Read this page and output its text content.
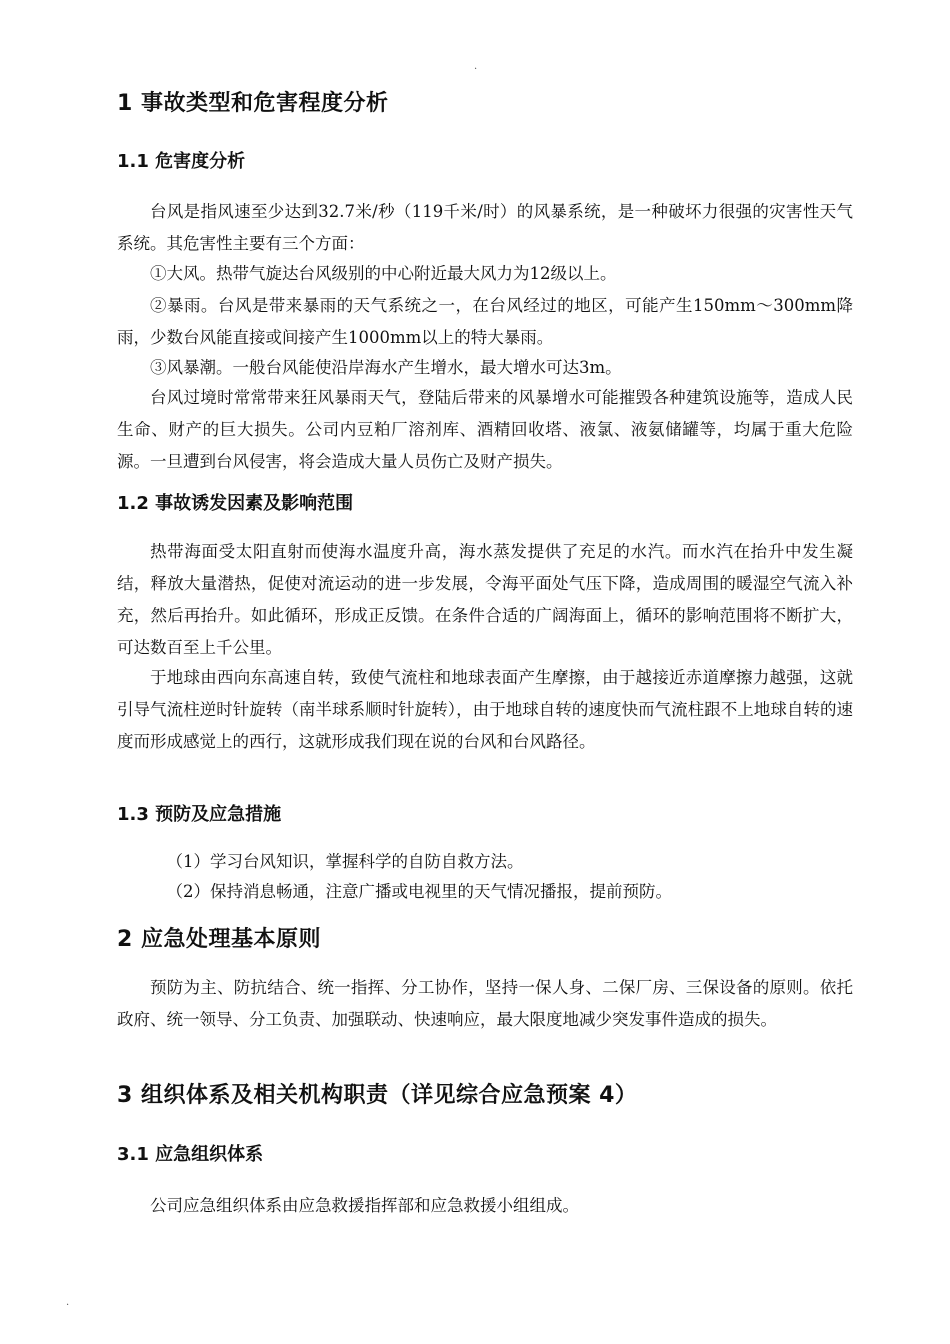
.
1 事故类型和危害程度分析
1.1 危害度分析

台风是指风速至少达到32.7米/秒（119千米/时）的风暴系统，是一种破坏力很强的灾害性天气系统。其危害性主要有三个方面：

①大风。热带气旋达台风级别的中心附近最大风力为12级以上。

②暴雨。台风是带来暴雨的天气系统之一，在台风经过的地区，可能产生150mm～300mm降雨，少数台风能直接或间接产生1000mm以上的特大暴雨。

③风暴潮。一般台风能使沿岸海水产生增水，最大增水可达3m。

台风过境时常常带来狂风暴雨天气，登陆后带来的风暴增水可能摧毁各种建筑设施等，造成人民生命、财产的巨大损失。公司内豆粕厂溶剂库、酒精回收塔、液氯、液氨储罐等，均属于重大危险源。一旦遭到台风侵害，将会造成大量人员伤亡及财产损失。

1.2 事故诱发因素及影响范围

热带海面受太阳直射而使海水温度升高，海水蒸发提供了充足的水汽。而水汽在抬升中发生凝结，释放大量潜热，促使对流运动的进一步发展，令海平面处气压下降，造成周围的暖湿空气流入补充，然后再抬升。如此循环，形成正反馈。在条件合适的广阔海面上，循环的影响范围将不断扩大，可达数百至上千公里。

于地球由西向东高速自转，致使气流柱和地球表面产生摩擦，由于越接近赤道摩擦力越强，这就引导气流柱逆时针旋转（南半球系顺时针旋转），由于地球自转的速度快而气流柱跟不上地球自转的速度而形成感觉上的西行，这就形成我们现在说的台风和台风路径。

1.3 预防及应急措施

（1）学习台风知识，掌握科学的自防自救方法。

（2）保持消息畅通，注意广播或电视里的天气情况播报，提前预防。

2 应急处理基本原则

预防为主、防抗结合、统一指挥、分工协作，坚持一保人身、二保厂房、三保设备的原则。依托政府、统一领导、分工负责、加强联动、快速响应，最大限度地减少突发事件造成的损失。

3 组织体系及相关机构职责（详见综合应急预案 4）
3.1 应急组织体系

公司应急组织体系由应急救援指挥部和应急救援小组组成。

.
